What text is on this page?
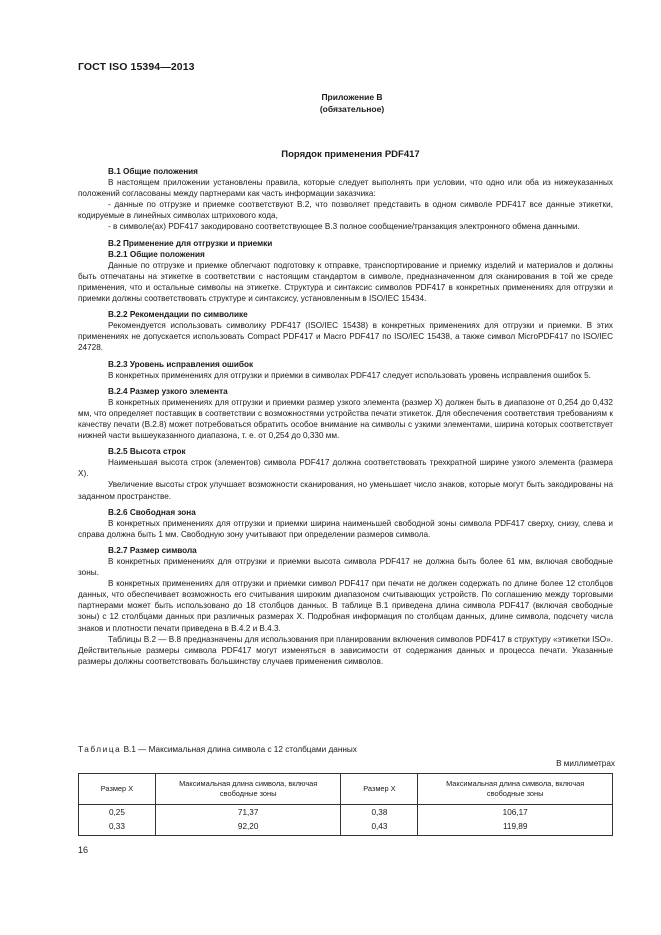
ГОСТ ISO 15394—2013
Приложение В
(обязательное)
Порядок применения PDF417
В.1 Общие положения

В настоящем приложении установлены правила, которые следует выполнять при условии, что одно или оба из нижеуказанных положений согласованы между партнерами как часть информации заказчика:

- данные по отгрузке и приемке соответствуют В.2, что позволяет представить в одном символе PDF417 все данные этикетки, кодируемые в линейных символах штрихового кода,

- в символе(ах) PDF417 закодировано соответствующее В.3 полное сообщение/транзакция электронного обмена данными.

В.2 Применение для отгрузки и приемки
В.2.1 Общие положения

Данные по отгрузке и приемке облегчают подготовку к отправке, транспортирование и приемку изделий и материалов и должны быть отпечатаны на этикетке в соответствии с настоящим стандартом в символе, предназначенном для сканирования в той же среде применения, что и остальные символы на этикетке. Структура и синтаксис символов PDF417 в конкретных применениях для отгрузки и приемки должны соответствовать структуре и синтаксису, установленным в ISO/IEC 15434.

В.2.2 Рекомендации по символике

Рекомендуется использовать символику PDF417 (ISO/IEC 15438) в конкретных применениях для отгрузки и приемки. В этих применениях не допускается использовать Compact PDF417 и Macro PDF417 по ISO/IEC 15438, а также символ MicroPDF417 по ISO/IEC 24728.

В.2.3 Уровень исправления ошибок

В конкретных применениях для отгрузки и приемки в символах PDF417 следует использовать уровень исправления ошибок 5.

В.2.4 Размер узкого элемента

В конкретных применениях для отгрузки и приемки размер узкого элемента (размер X) должен быть в диапазоне от 0,254 до 0,432 мм, что определяет поставщик в соответствии с возможностями устройства печати этикеток. Для обеспечения соответствия требованиям к качеству печати (В.2.8) может потребоваться обратить особое внимание на символы с узкими элементами, ширина которых соответствует нижней части вышеуказанного диапазона, т. е. от 0,254 до 0,330 мм.

В.2.5 Высота строк

Наименьшая высота строк (элементов) символа PDF417 должна соответствовать трехкратной ширине узкого элемента (размера X).

Увеличение высоты строк улучшает возможности сканирования, но уменьшает число знаков, которые могут быть закодированы на заданном пространстве.

В.2.6 Свободная зона

В конкретных применениях для отгрузки и приемки ширина наименьшей свободной зоны символа PDF417 сверху, снизу, слева и справа должна быть 1 мм. Свободную зону учитывают при определении размеров символа.

В.2.7 Размер символа

В конкретных применениях для отгрузки и приемки высота символа PDF417 не должна быть более 61 мм, включая свободные зоны.

В конкретных применениях для отгрузки и приемки символ PDF417 при печати не должен содержать по длине более 12 столбцов данных, что обеспечивает возможность его считывания широким диапазоном считывающих устройств. По соглашению между торговыми партнерами может быть использовано до 18 столбцов данных. В таблице В.1 приведена длина символа PDF417 (включая свободные зоны) с 12 столбцами данных при различных размерах X. Подробная информация по столбцам данных, длине символа, подсчету числа знаков и плотности печати приведена в В.4.2 и В.4.3.

Таблицы В.2 — В.8 предназначены для использования при планировании включения символов PDF417 в структуру «этикетки ISO». Действительные размеры символа PDF417 могут изменяться в зависимости от содержания данных и процесса печати. Указанные размеры должны соответствовать большинству случаев применения символов.

Таблица В.1 — Максимальная длина символа с 12 столбцами данных
В миллиметрах
Размер X	Максимальная длина символа, включая свободные зоны	Размер X	Максимальная длина символа, включая свободные зоны
0,25	71,37	0,38	106,17
0,33	92,20	0,43	119,89
16
